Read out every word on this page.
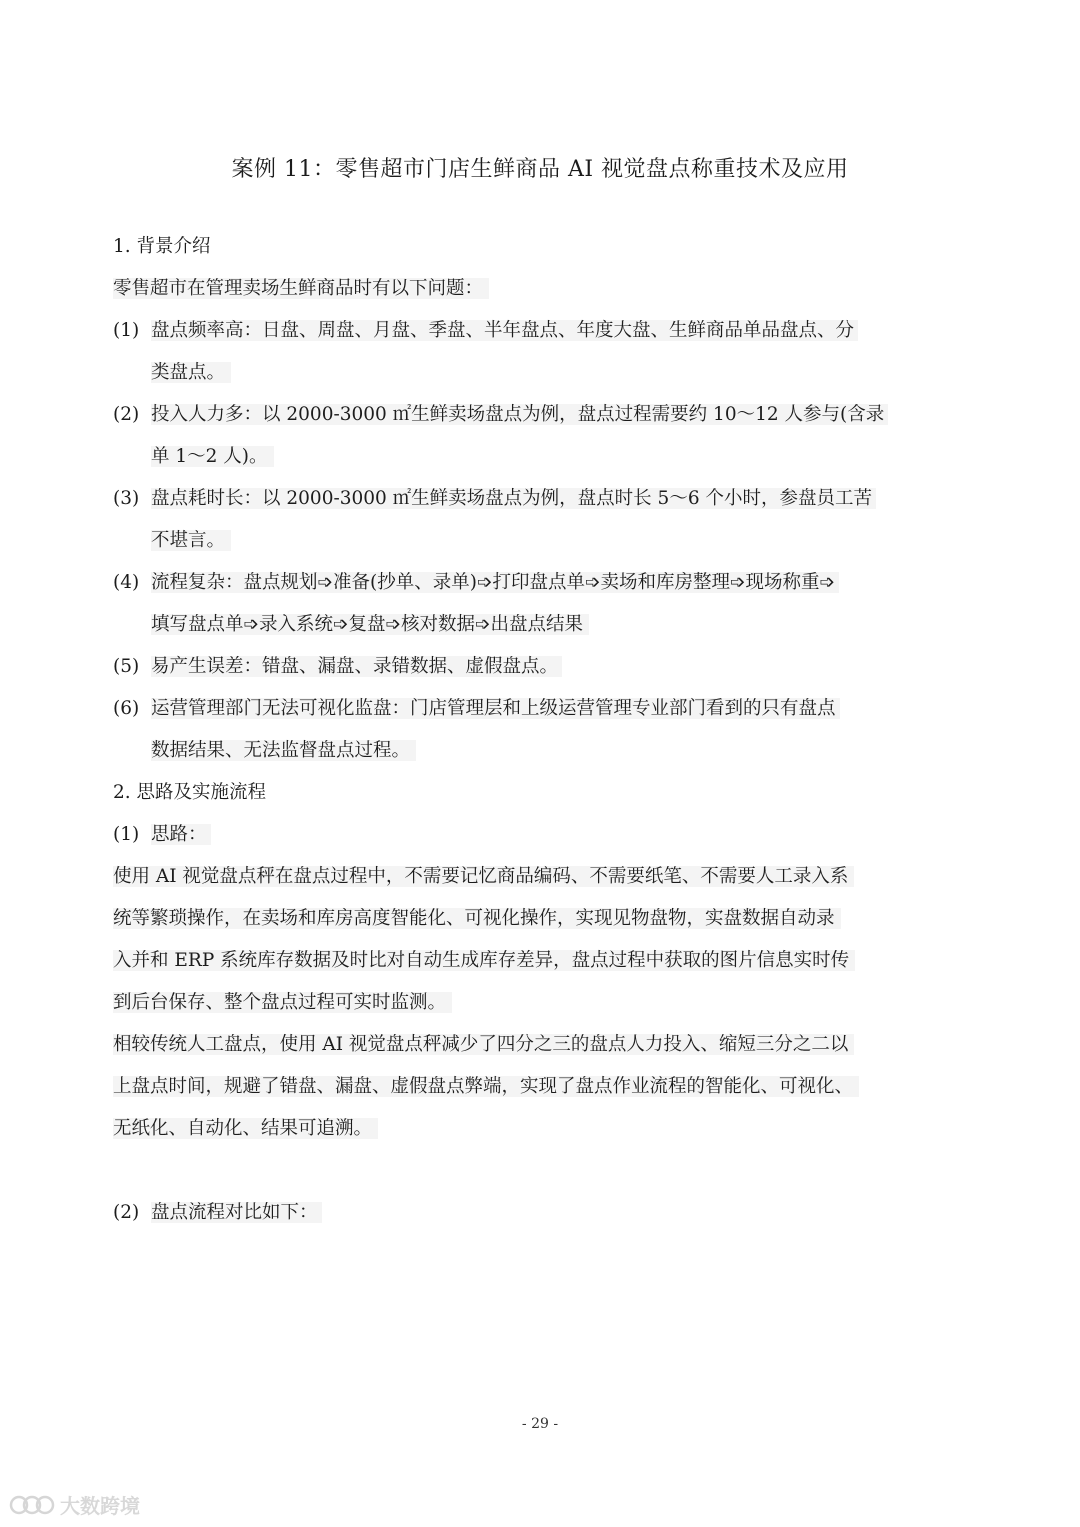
案例 11：零售超市门店生鲜商品 AI 视觉盘点称重技术及应用
1. 背景介绍
零售超市在管理卖场生鲜商品时有以下问题：
(1) 盘点频率高：日盘、周盘、月盘、季盘、半年盘点、年度大盘、生鲜商品单品盘点、分
类盘点。
(2) 投入人力多：以 2000-3000 ㎡生鲜卖场盘点为例，盘点过程需要约 10～12 人参与(含录
单 1～2 人)。
(3) 盘点耗时长：以 2000-3000 ㎡生鲜卖场盘点为例，盘点时长 5～6 个小时，参盘员工苦
不堪言。
(4) 流程复杂：盘点规划➩准备(抄单、录单)➩打印盘点单➩卖场和库房整理➩现场称重➩
填写盘点单➩录入系统➩复盘➩核对数据➩出盘点结果
(5) 易产生误差：错盘、漏盘、录错数据、虚假盘点。
(6) 运营管理部门无法可视化监盘：门店管理层和上级运营管理专业部门看到的只有盘点
数据结果、无法监督盘点过程。
2. 思路及实施流程
(1) 思路：
使用 AI 视觉盘点秤在盘点过程中，不需要记忆商品编码、不需要纸笔、不需要人工录入系
统等繁琐操作，在卖场和库房高度智能化、可视化操作，实现见物盘物，实盘数据自动录
入并和 ERP 系统库存数据及时比对自动生成库存差异，盘点过程中获取的图片信息实时传
到后台保存、整个盘点过程可实时监测。
相较传统人工盘点，使用 AI 视觉盘点秤减少了四分之三的盘点人力投入、缩短三分之二以
上盘点时间，规避了错盘、漏盘、虚假盘点弊端，实现了盘点作业流程的智能化、可视化、
无纸化、自动化、结果可追溯。
(2) 盘点流程对比如下：
- 29 -
大数跨境
